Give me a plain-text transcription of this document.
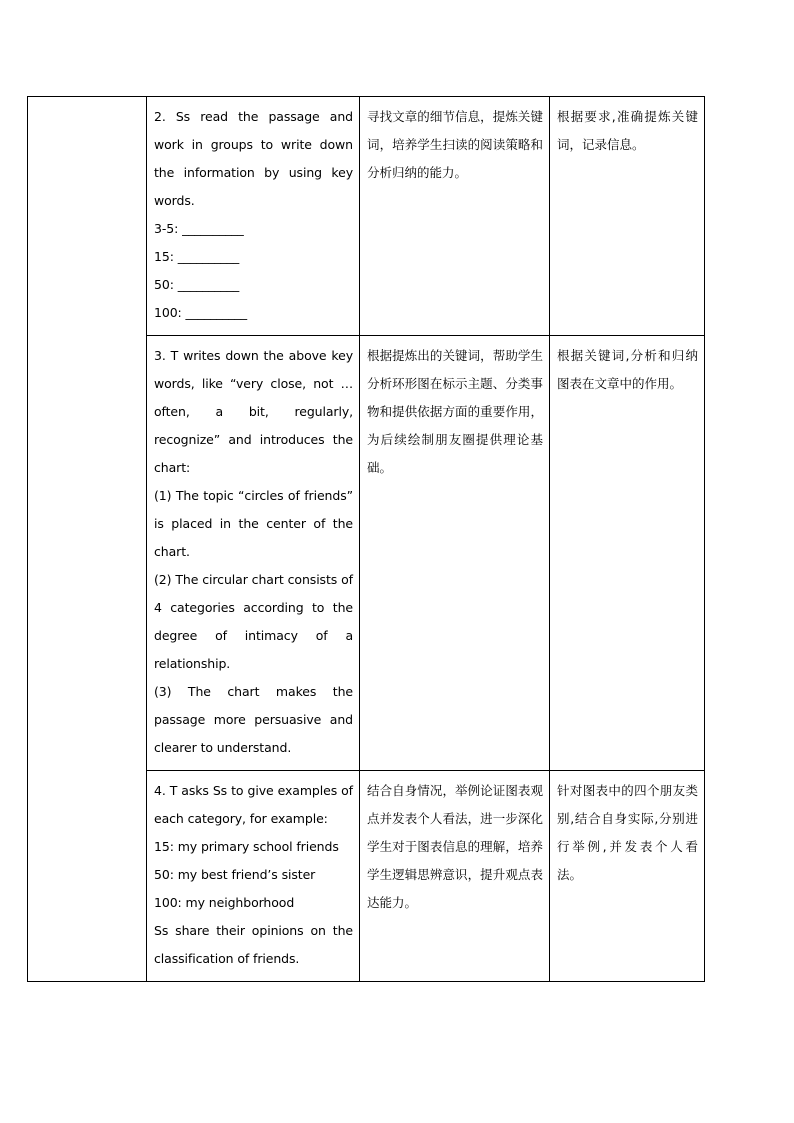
	2. Ss read the passage and work in groups to write down the information by using key words.
3-5: __________
15: __________
50: __________
100: __________	寻找文章的细节信息，提炼关键词，培养学生扫读的阅读策略和分析归纳的能力。	根据要求,准确提炼关键词，记录信息。

	3. T writes down the above key words, like “very close, not … often, a bit, regularly, recognize” and introduces the chart:
(1) The topic “circles of friends” is placed in the center of the chart.
(2) The circular chart consists of 4 categories according to the degree of intimacy of a relationship.
(3) The chart makes the passage more persuasive and clearer to understand.	根据提炼出的关键词，帮助学生分析环形图在标示主题、分类事物和提供依据方面的重要作用，为后续绘制朋友圈提供理论基础。	根据关键词,分析和归纳图表在文章中的作用。

	4. T asks Ss to give examples of each category, for example:
15: my primary school friends
50: my best friend’s sister
100: my neighborhood
Ss share their opinions on the classification of friends.	结合自身情况，举例论证图表观点并发表个人看法，进一步深化学生对于图表信息的理解，培养学生逻辑思辨意识，提升观点表达能力。	针对图表中的四个朋友类别,结合自身实际,分别进行举例,并发表个人看法。
